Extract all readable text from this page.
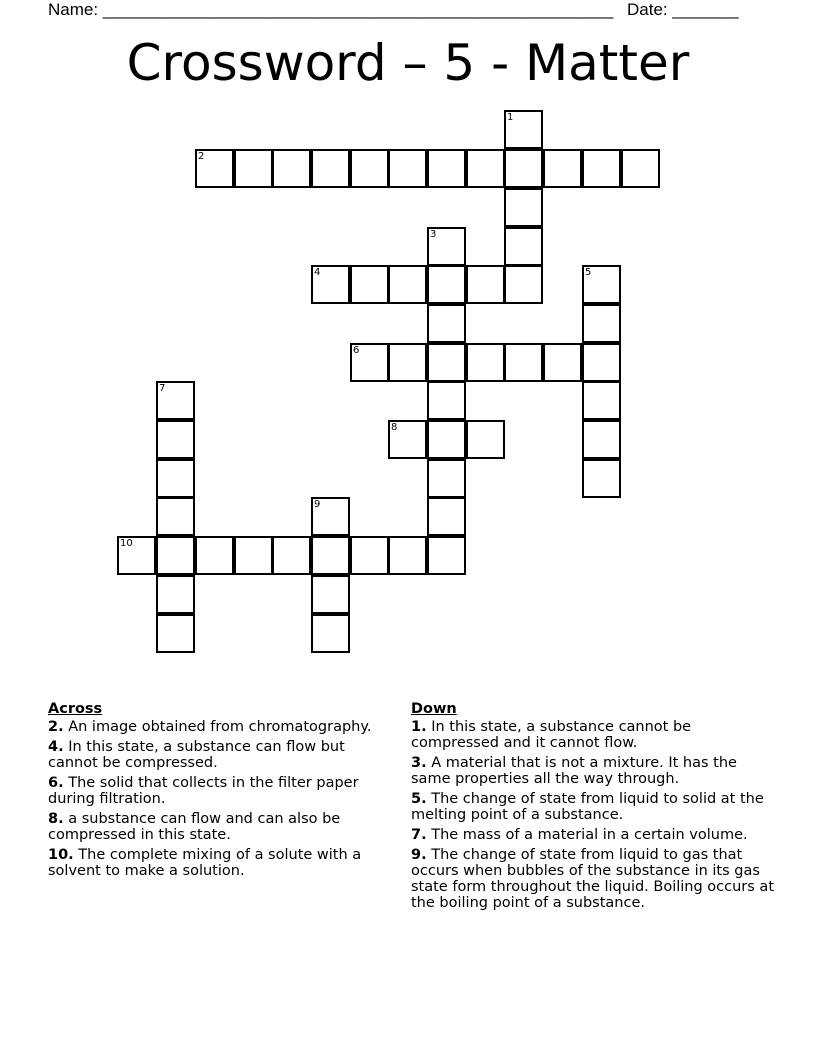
Name: ______________________________________________________ Date: _______
Crossword – 5 - Matter
1
2
3
4	5
6
7
8
9
10
Across
2. An image obtained from chromatography.
4. In this state, a substance can flow but cannot be compressed.
6. The solid that collects in the filter paper during filtration.
8. a substance can flow and can also be compressed in this state.
10. The complete mixing of a solute with a solvent to make a solution.
Down
1. In this state, a substance cannot be compressed and it cannot flow.
3. A material that is not a mixture. It has the same properties all the way through.
5. The change of state from liquid to solid at the melting point of a substance.
7. The mass of a material in a certain volume.
9. The change of state from liquid to gas that occurs when bubbles of the substance in its gas state form throughout the liquid. Boiling occurs at the boiling point of a substance.
